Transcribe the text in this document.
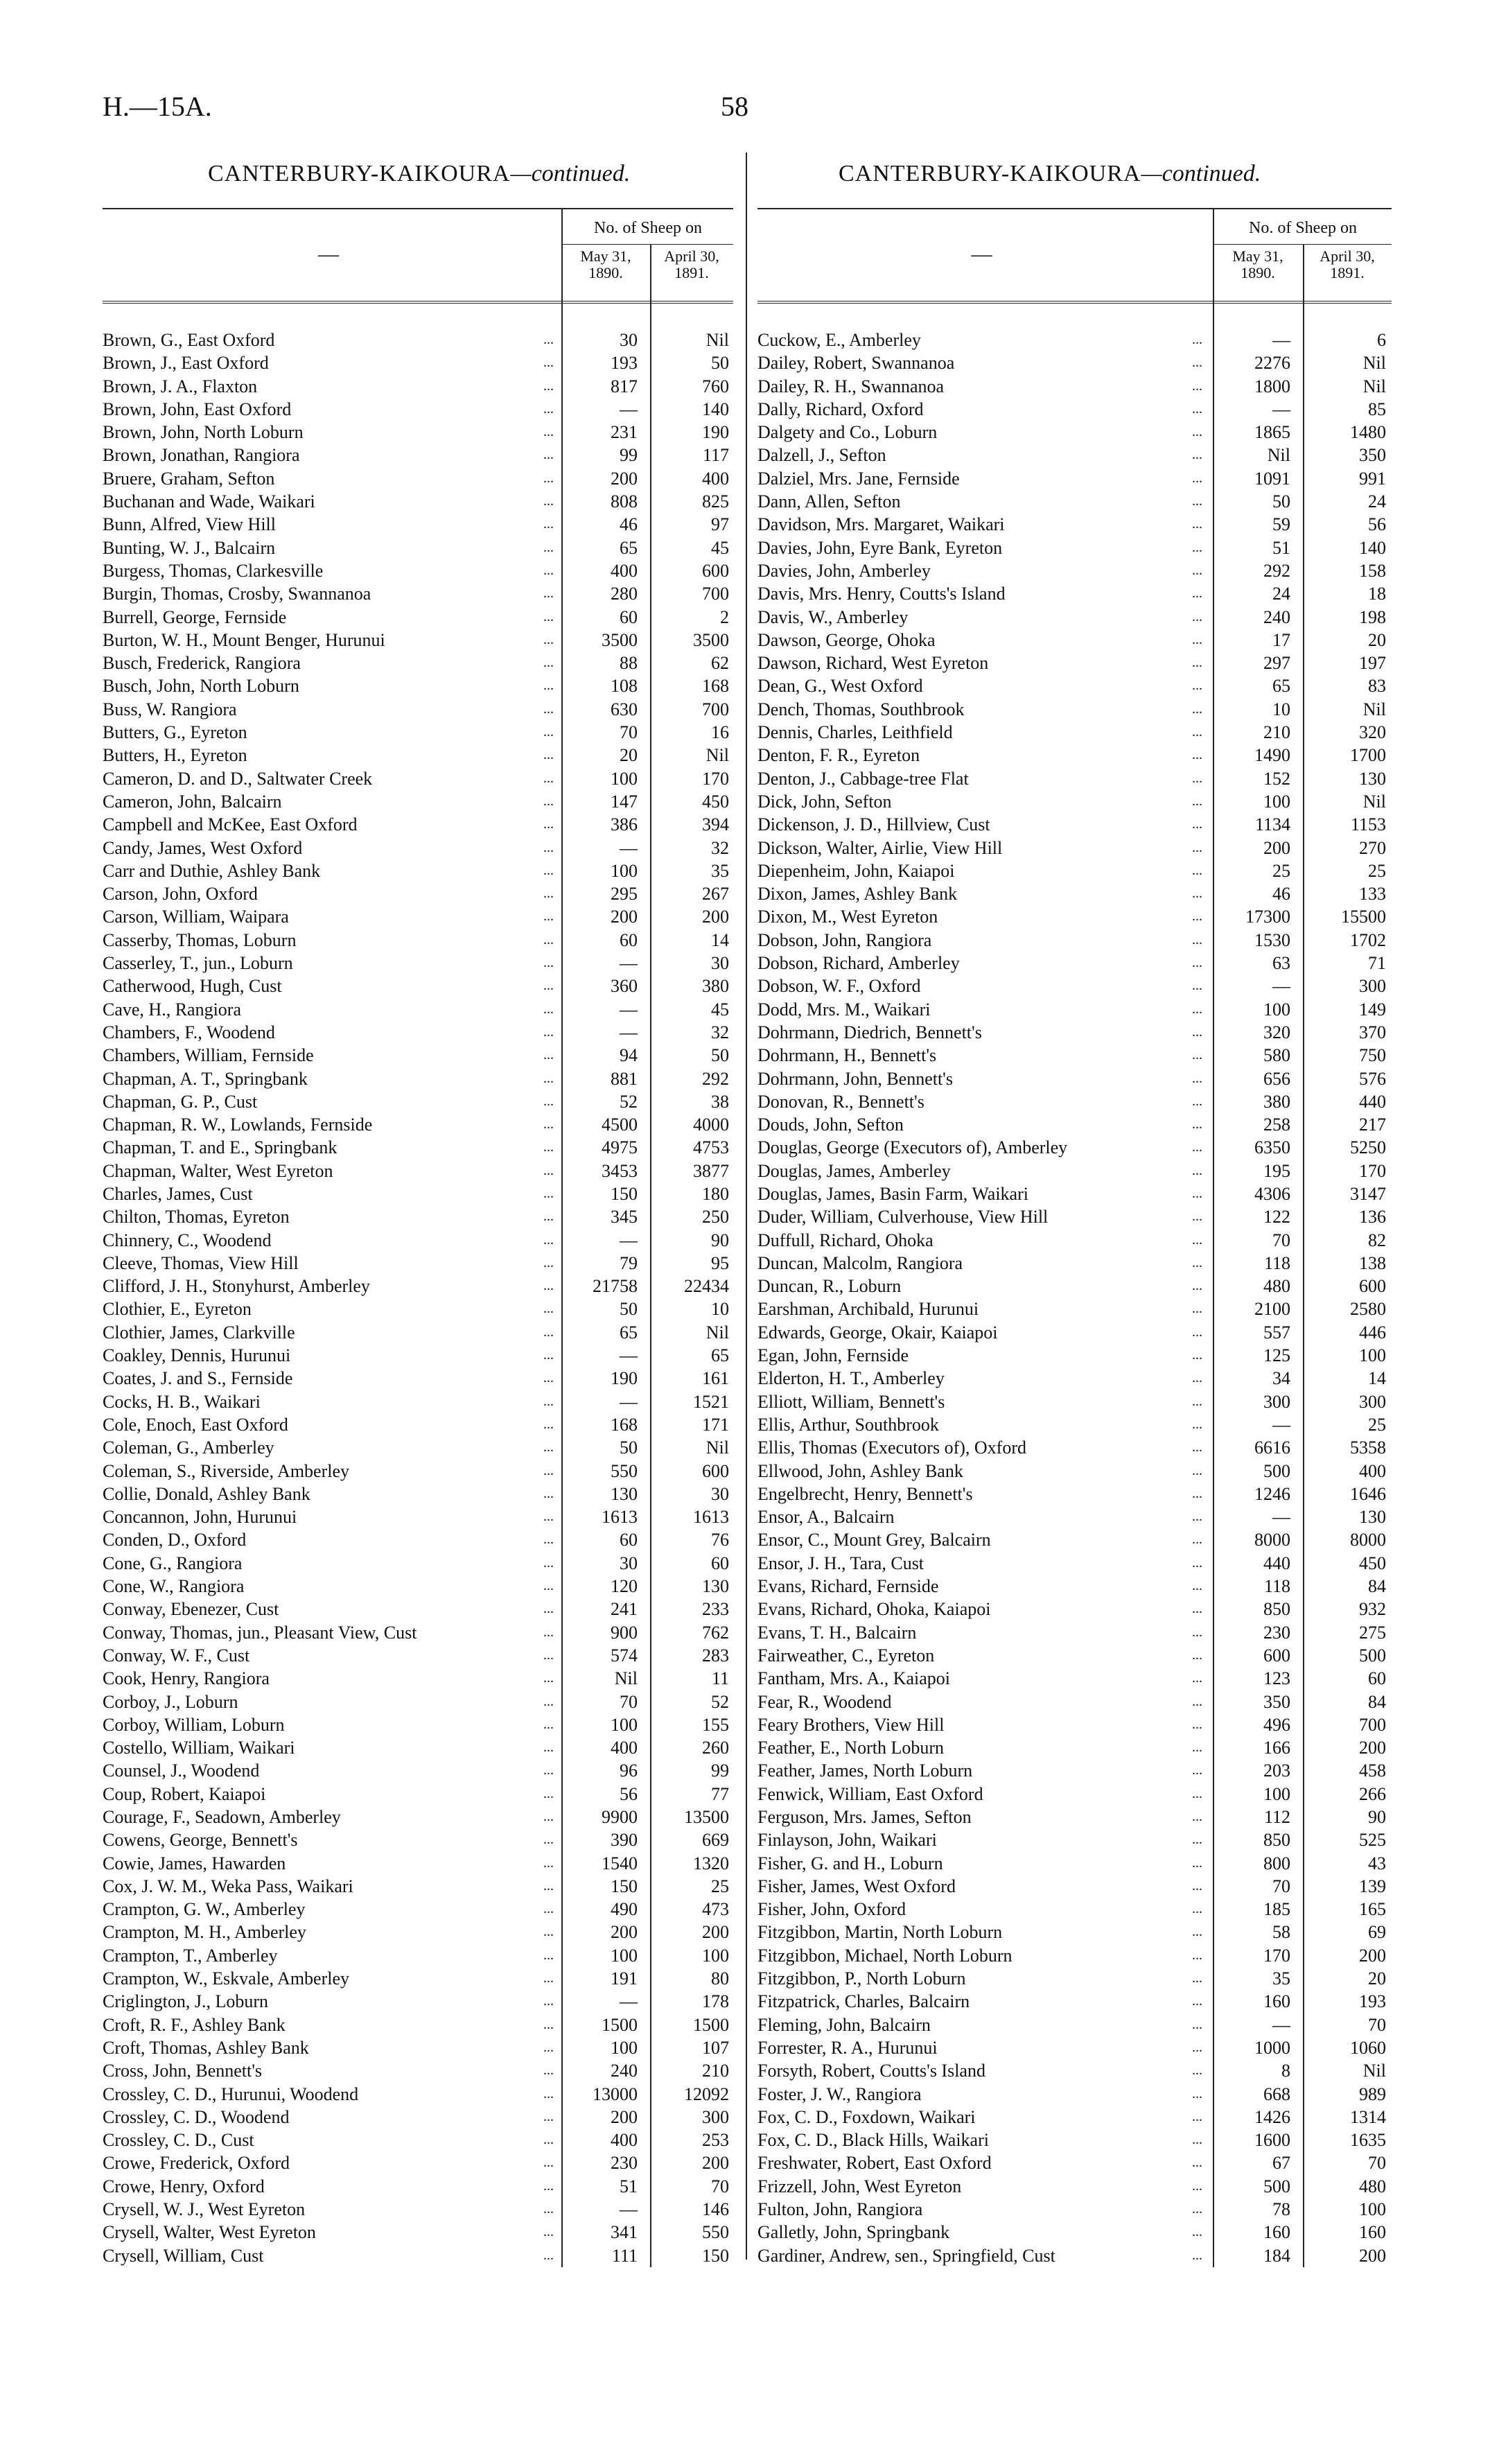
H.—15A.	58
CANTERBURY-KAIKOURA—continued.	CANTERBURY-KAIKOURA—continued.
—
No. of Sheep on
May 31, 1890.
April 30, 1891.
—
No. of Sheep on
May 31, 1890.
April 30, 1891.
Brown, G., East Oxford	...	30	Nil
Brown, J., East Oxford	...	193	50
Brown, J. A., Flaxton	...	817	760
Brown, John, East Oxford	...	—	140
Brown, John, North Loburn	...	231	190
Brown, Jonathan, Rangiora	...	99	117
Bruere, Graham, Sefton	...	200	400
Buchanan and Wade, Waikari	...	808	825
Bunn, Alfred, View Hill	...	46	97
Bunting, W. J., Balcairn	...	65	45
Burgess, Thomas, Clarkesville	...	400	600
Burgin, Thomas, Crosby, Swannanoa	...	280	700
Burrell, George, Fernside	...	60	2
Burton, W. H., Mount Benger, Hurunui	...	3500	3500
Busch, Frederick, Rangiora	...	88	62
Busch, John, North Loburn	...	108	168
Buss, W. Rangiora	...	630	700
Butters, G., Eyreton	...	70	16
Butters, H., Eyreton	...	20	Nil
Cameron, D. and D., Saltwater Creek	...	100	170
Cameron, John, Balcairn	...	147	450
Campbell and McKee, East Oxford	...	386	394
Candy, James, West Oxford	...	—	32
Carr and Duthie, Ashley Bank	...	100	35
Carson, John, Oxford	...	295	267
Carson, William, Waipara	...	200	200
Casserby, Thomas, Loburn	...	60	14
Casserley, T., jun., Loburn	...	—	30
Catherwood, Hugh, Cust	...	360	380
Cave, H., Rangiora	...	—	45
Chambers, F., Woodend	...	—	32
Chambers, William, Fernside	...	94	50
Chapman, A. T., Springbank	...	881	292
Chapman, G. P., Cust	...	52	38
Chapman, R. W., Lowlands, Fernside	...	4500	4000
Chapman, T. and E., Springbank	...	4975	4753
Chapman, Walter, West Eyreton	...	3453	3877
Charles, James, Cust	...	150	180
Chilton, Thomas, Eyreton	...	345	250
Chinnery, C., Woodend	...	—	90
Cleeve, Thomas, View Hill	...	79	95
Clifford, J. H., Stonyhurst, Amberley	...	21758	22434
Clothier, E., Eyreton	...	50	10
Clothier, James, Clarkville	...	65	Nil
Coakley, Dennis, Hurunui	...	—	65
Coates, J. and S., Fernside	...	190	161
Cocks, H. B., Waikari	...	—	1521
Cole, Enoch, East Oxford	...	168	171
Coleman, G., Amberley	...	50	Nil
Coleman, S., Riverside, Amberley	...	550	600
Collie, Donald, Ashley Bank	...	130	30
Concannon, John, Hurunui	...	1613	1613
Conden, D., Oxford	...	60	76
Cone, G., Rangiora	...	30	60
Cone, W., Rangiora	...	120	130
Conway, Ebenezer, Cust	...	241	233
Conway, Thomas, jun., Pleasant View, Cust	...	900	762
Conway, W. F., Cust	...	574	283
Cook, Henry, Rangiora	...	Nil	11
Corboy, J., Loburn	...	70	52
Corboy, William, Loburn	...	100	155
Costello, William, Waikari	...	400	260
Counsel, J., Woodend	...	96	99
Coup, Robert, Kaiapoi	...	56	77
Courage, F., Seadown, Amberley	...	9900	13500
Cowens, George, Bennett's	...	390	669
Cowie, James, Hawarden	...	1540	1320
Cox, J. W. M., Weka Pass, Waikari	...	150	25
Crampton, G. W., Amberley	...	490	473
Crampton, M. H., Amberley	...	200	200
Crampton, T., Amberley	...	100	100
Crampton, W., Eskvale, Amberley	...	191	80
Criglington, J., Loburn	...	—	178
Croft, R. F., Ashley Bank	...	1500	1500
Croft, Thomas, Ashley Bank	...	100	107
Cross, John, Bennett's	...	240	210
Crossley, C. D., Hurunui, Woodend	...	13000	12092
Crossley, C. D., Woodend	...	200	300
Crossley, C. D., Cust	...	400	253
Crowe, Frederick, Oxford	...	230	200
Crowe, Henry, Oxford	...	51	70
Crysell, W. J., West Eyreton	...	—	146
Crysell, Walter, West Eyreton	...	341	550
Crysell, William, Cust	...	111	150
Cuckow, E., Amberley	...	—	6
Dailey, Robert, Swannanoa	...	2276	Nil
Dailey, R. H., Swannanoa	...	1800	Nil
Dally, Richard, Oxford	...	—	85
Dalgety and Co., Loburn	...	1865	1480
Dalzell, J., Sefton	...	Nil	350
Dalziel, Mrs. Jane, Fernside	...	1091	991
Dann, Allen, Sefton	...	50	24
Davidson, Mrs. Margaret, Waikari	...	59	56
Davies, John, Eyre Bank, Eyreton	...	51	140
Davies, John, Amberley	...	292	158
Davis, Mrs. Henry, Coutts's Island	...	24	18
Davis, W., Amberley	...	240	198
Dawson, George, Ohoka	...	17	20
Dawson, Richard, West Eyreton	...	297	197
Dean, G., West Oxford	...	65	83
Dench, Thomas, Southbrook	...	10	Nil
Dennis, Charles, Leithfield	...	210	320
Denton, F. R., Eyreton	...	1490	1700
Denton, J., Cabbage-tree Flat	...	152	130
Dick, John, Sefton	...	100	Nil
Dickenson, J. D., Hillview, Cust	...	1134	1153
Dickson, Walter, Airlie, View Hill	...	200	270
Diepenheim, John, Kaiapoi	...	25	25
Dixon, James, Ashley Bank	...	46	133
Dixon, M., West Eyreton	...	17300	15500
Dobson, John, Rangiora	...	1530	1702
Dobson, Richard, Amberley	...	63	71
Dobson, W. F., Oxford	...	—	300
Dodd, Mrs. M., Waikari	...	100	149
Dohrmann, Diedrich, Bennett's	...	320	370
Dohrmann, H., Bennett's	...	580	750
Dohrmann, John, Bennett's	...	656	576
Donovan, R., Bennett's	...	380	440
Douds, John, Sefton	...	258	217
Douglas, George (Executors of), Amberley	...	6350	5250
Douglas, James, Amberley	...	195	170
Douglas, James, Basin Farm, Waikari	...	4306	3147
Duder, William, Culverhouse, View Hill	...	122	136
Duffull, Richard, Ohoka	...	70	82
Duncan, Malcolm, Rangiora	...	118	138
Duncan, R., Loburn	...	480	600
Earshman, Archibald, Hurunui	...	2100	2580
Edwards, George, Okair, Kaiapoi	...	557	446
Egan, John, Fernside	...	125	100
Elderton, H. T., Amberley	...	34	14
Elliott, William, Bennett's	...	300	300
Ellis, Arthur, Southbrook	...	—	25
Ellis, Thomas (Executors of), Oxford	...	6616	5358
Ellwood, John, Ashley Bank	...	500	400
Engelbrecht, Henry, Bennett's	...	1246	1646
Ensor, A., Balcairn	...	—	130
Ensor, C., Mount Grey, Balcairn	...	8000	8000
Ensor, J. H., Tara, Cust	...	440	450
Evans, Richard, Fernside	...	118	84
Evans, Richard, Ohoka, Kaiapoi	...	850	932
Evans, T. H., Balcairn	...	230	275
Fairweather, C., Eyreton	...	600	500
Fantham, Mrs. A., Kaiapoi	...	123	60
Fear, R., Woodend	...	350	84
Feary Brothers, View Hill	...	496	700
Feather, E., North Loburn	...	166	200
Feather, James, North Loburn	...	203	458
Fenwick, William, East Oxford	...	100	266
Ferguson, Mrs. James, Sefton	...	112	90
Finlayson, John, Waikari	...	850	525
Fisher, G. and H., Loburn	...	800	43
Fisher, James, West Oxford	...	70	139
Fisher, John, Oxford	...	185	165
Fitzgibbon, Martin, North Loburn	...	58	69
Fitzgibbon, Michael, North Loburn	...	170	200
Fitzgibbon, P., North Loburn	...	35	20
Fitzpatrick, Charles, Balcairn	...	160	193
Fleming, John, Balcairn	...	—	70
Forrester, R. A., Hurunui	...	1000	1060
Forsyth, Robert, Coutts's Island	...	8	Nil
Foster, J. W., Rangiora	...	668	989
Fox, C. D., Foxdown, Waikari	...	1426	1314
Fox, C. D., Black Hills, Waikari	...	1600	1635
Freshwater, Robert, East Oxford	...	67	70
Frizzell, John, West Eyreton	...	500	480
Fulton, John, Rangiora	...	78	100
Galletly, John, Springbank	...	160	160
Gardiner, Andrew, sen., Springfield, Cust	...	184	200
